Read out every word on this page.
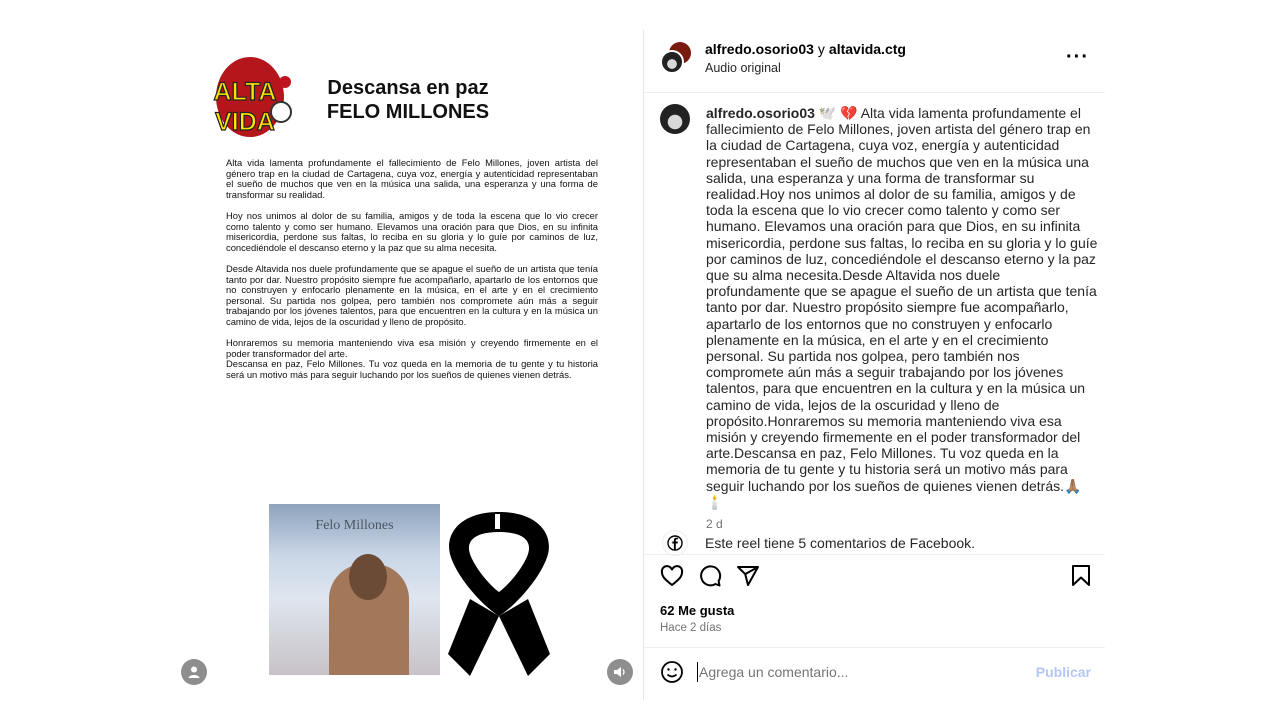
ALTA
VIDA
Descansa en paz
FELO MILLONES

Alta vida lamenta profundamente el fallecimiento de Felo Millones, joven artista del género trap en la ciudad de Cartagena, cuya voz, energía y autenticidad representaban el sueño de muchos que ven en la música una salida, una esperanza y una forma de transformar su realidad.

Hoy nos unimos al dolor de su familia, amigos y de toda la escena que lo vio crecer como talento y como ser humano. Elevamos una oración para que Dios, en su infinita misericordia, perdone sus faltas, lo reciba en su gloria y lo guíe por caminos de luz, concediéndole el descanso eterno y la paz que su alma necesita.

Desde Altavida nos duele profundamente que se apague el sueño de un artista que tenía tanto por dar. Nuestro propósito siempre fue acompañarlo, apartarlo de los entornos que no construyen y enfocarlo plenamente en la música, en el arte y en el crecimiento personal. Su partida nos golpea, pero también nos compromete aún más a seguir trabajando por los jóvenes talentos, para que encuentren en la cultura y en la música un camino de vida, lejos de la oscuridad y lleno de propósito.

Honraremos su memoria manteniendo viva esa misión y creyendo firmemente en el poder transformador del arte.
Descansa en paz, Felo Millones. Tu voz queda en la memoria de tu gente y tu historia será un motivo más para seguir luchando por los sueños de quienes vienen detrás.
Felo Millones
alfredo.osorio03 y altavida.ctg
Audio original	···
alfredo.osorio03 🕊️ 💔 Alta vida lamenta profundamente el fallecimiento de Felo Millones, joven artista del género trap en la ciudad de Cartagena, cuya voz, energía y autenticidad representaban el sueño de muchos que ven en la música una salida, una esperanza y una forma de transformar su realidad.Hoy nos unimos al dolor de su familia, amigos y de toda la escena que lo vio crecer como talento y como ser humano. Elevamos una oración para que Dios, en su infinita misericordia, perdone sus faltas, lo reciba en su gloria y lo guíe por caminos de luz, concediéndole el descanso eterno y la paz que su alma necesita.Desde Altavida nos duele profundamente que se apague el sueño de un artista que tenía tanto por dar. Nuestro propósito siempre fue acompañarlo, apartarlo de los entornos que no construyen y enfocarlo plenamente en la música, en el arte y en el crecimiento personal. Su partida nos golpea, pero también nos compromete aún más a seguir trabajando por los jóvenes talentos, para que encuentren en la cultura y en la música un camino de vida, lejos de la oscuridad y lleno de propósito.Honraremos su memoria manteniendo viva esa misión y creyendo firmemente en el poder transformador del arte.Descansa en paz, Felo Millones. Tu voz queda en la memoria de tu gente y tu historia será un motivo más para seguir luchando por los sueños de quienes vienen detrás.🙏🏽🕯️
2 d
Este reel tiene 5 comentarios de Facebook.
62 Me gusta
Hace 2 días
Agrega un comentario...
Publicar
